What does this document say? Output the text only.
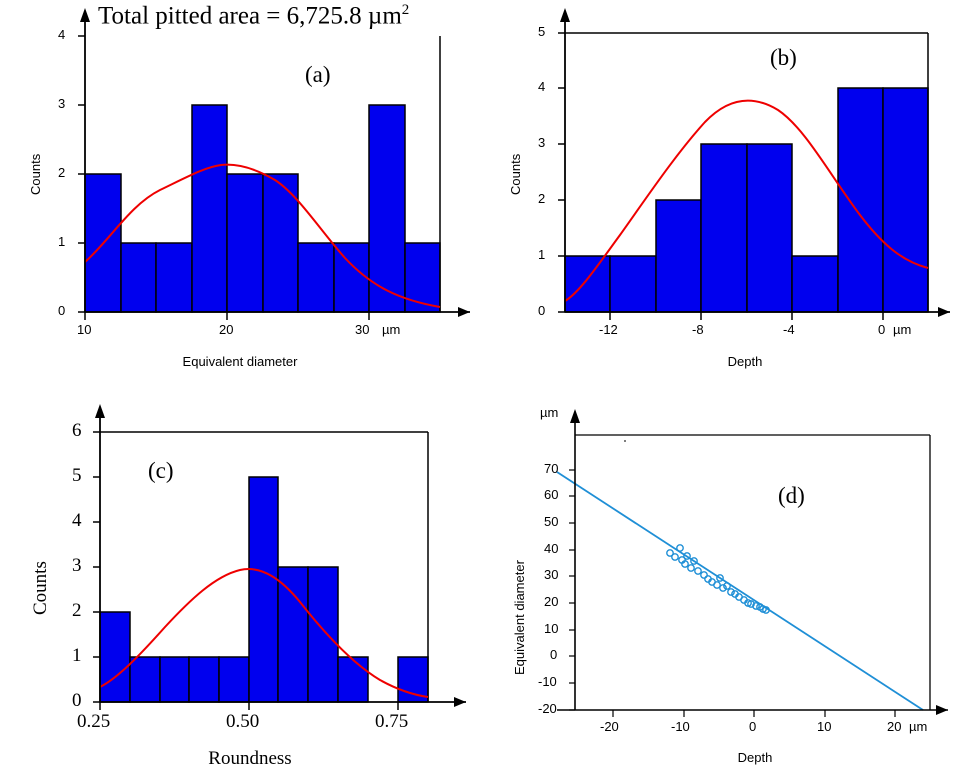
Total pitted area = 6,725.8 µm$^2$
(a)
0
1
2
3
4
10	20	30 µm
Equivalent diameter
Counts
(b)
0
1
2
3
4
5
-12	-8	-4	0 µm
Depth
Counts
(c)
0
1
2
3
4
5
6
0.25	0.50	0.75
Roundness
Counts
(d)
µm
-20
-10
0
10
20
30
40
50
60
70
-20	-10	0	10	20 µm
Depth
Equivalent diameter
